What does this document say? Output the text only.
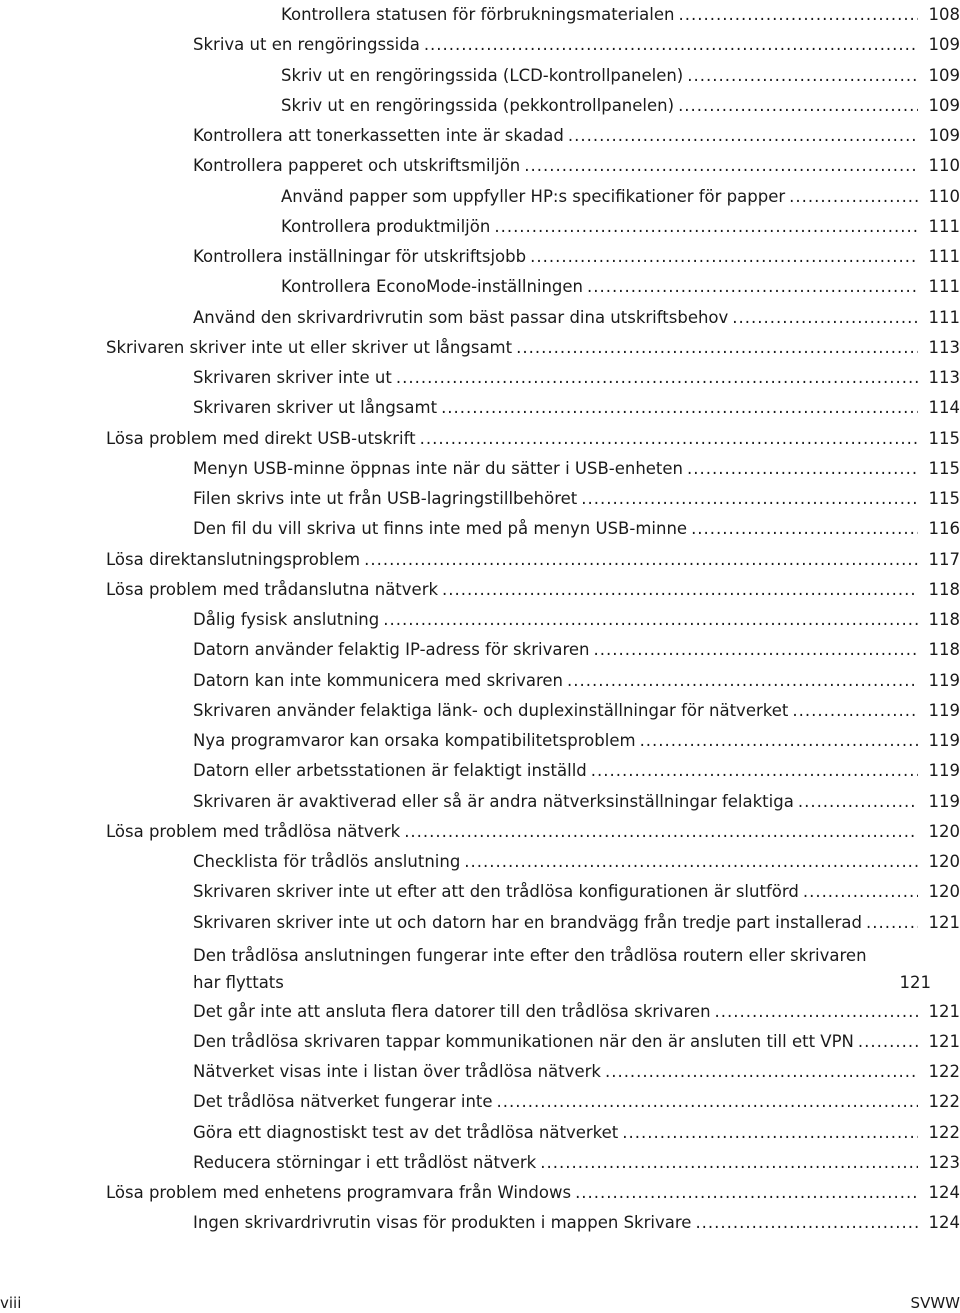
Kontrollera statusen för förbrukningsmaterialen .....	108
Skriva ut en rengöringssida .....	109
Skriv ut en rengöringssida (LCD-kontrollpanelen) .....	109
Skriv ut en rengöringssida (pekkontrollpanelen) .....	109
Kontrollera att tonerkassetten inte är skadad .....	109
Kontrollera papperet och utskriftsmiljön .....	110
Använd papper som uppfyller HP:s specifikationer för papper .....	110
Kontrollera produktmiljön .....	111
Kontrollera inställningar för utskriftsjobb .....	111
Kontrollera EconoMode-inställningen .....	111
Använd den skrivardrivrutin som bäst passar dina utskriftsbehov .....	111
Skrivaren skriver inte ut eller skriver ut långsamt .....	113
Skrivaren skriver inte ut .....	113
Skrivaren skriver ut långsamt .....	114
Lösa problem med direkt USB-utskrift .....	115
Menyn USB-minne öppnas inte när du sätter i USB-enheten .....	115
Filen skrivs inte ut från USB-lagringstillbehöret .....	115
Den fil du vill skriva ut finns inte med på menyn USB-minne .....	116
Lösa direktanslutningsproblem .....	117
Lösa problem med trådanslutna nätverk .....	118
Dålig fysisk anslutning .....	118
Datorn använder felaktig IP-adress för skrivaren .....	118
Datorn kan inte kommunicera med skrivaren .....	119
Skrivaren använder felaktiga länk- och duplexinställningar för nätverket .....	119
Nya programvaror kan orsaka kompatibilitetsproblem .....	119
Datorn eller arbetsstationen är felaktigt inställd .....	119
Skrivaren är avaktiverad eller så är andra nätverksinställningar felaktiga .....	119
Lösa problem med trådlösa nätverk .....	120
Checklista för trådlös anslutning .....	120
Skrivaren skriver inte ut efter att den trådlösa konfigurationen är slutförd .....	120
Skrivaren skriver inte ut och datorn har en brandvägg från tredje part installerad .....	121
Den trådlösa anslutningen fungerar inte efter den trådlösa routern eller skrivaren har flyttats	121
Det går inte att ansluta flera datorer till den trådlösa skrivaren .....	121
Den trådlösa skrivaren tappar kommunikationen när den är ansluten till ett VPN .....	121
Nätverket visas inte i listan över trådlösa nätverk .....	122
Det trådlösa nätverket fungerar inte .....	122
Göra ett diagnostiskt test av det trådlösa nätverket .....	122
Reducera störningar i ett trådlöst nätverk .....	123
Lösa problem med enhetens programvara från Windows .....	124
Ingen skrivardrivrutin visas för produkten i mappen Skrivare .....	124
viii	SVWW
